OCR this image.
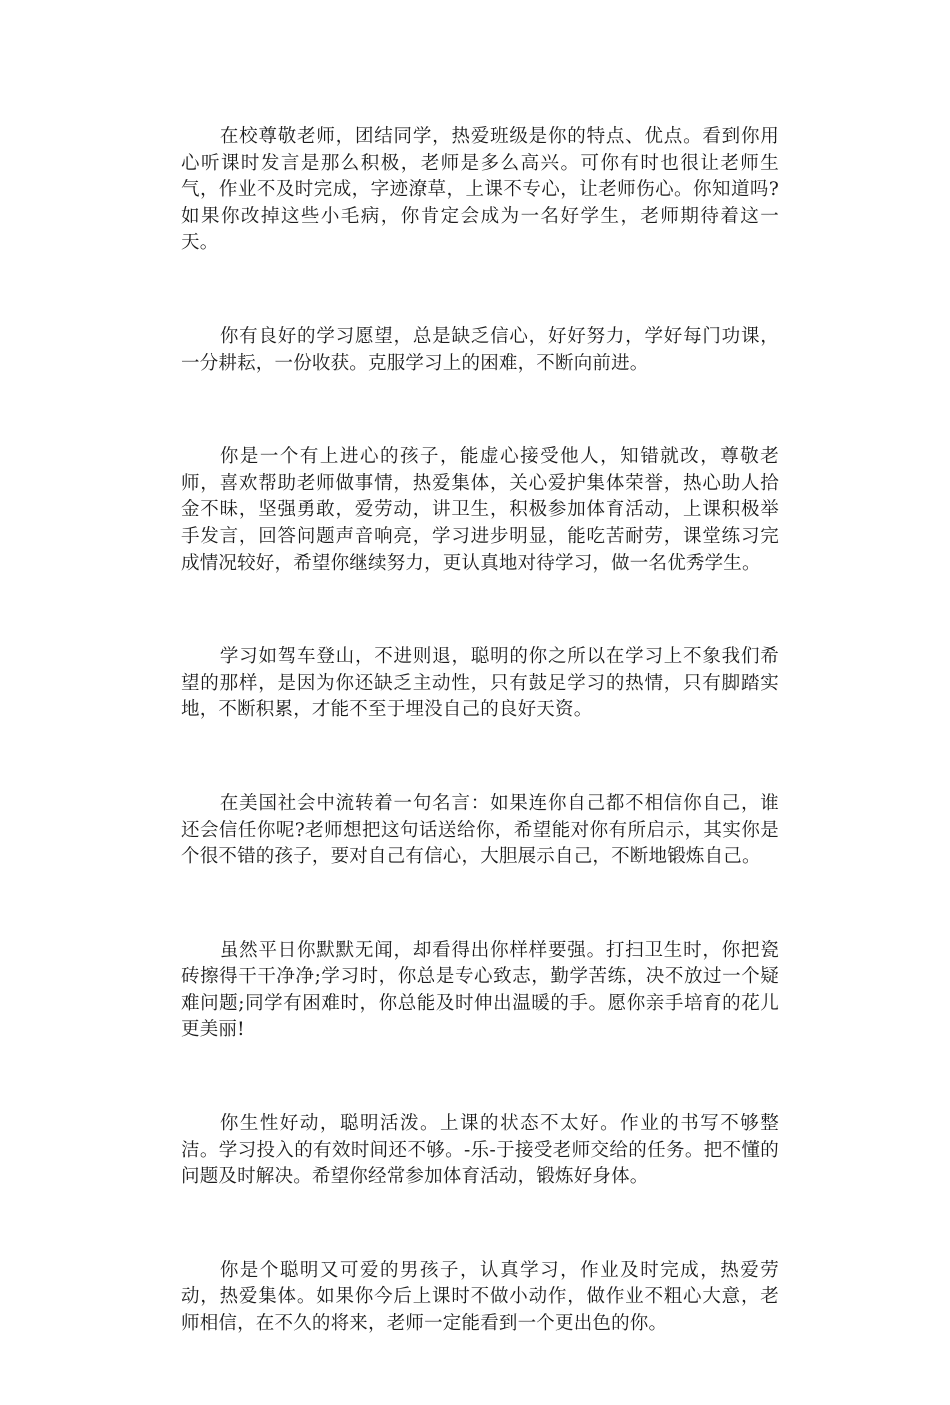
在校尊敬老师，团结同学，热爱班级是你的特点、优点。看到你用心听课时发言是那么积极，老师是多么高兴。可你有时也很让老师生气，作业不及时完成，字迹潦草，上课不专心，让老师伤心。你知道吗?如果你改掉这些小毛病，你肯定会成为一名好学生，老师期待着这一天。

你有良好的学习愿望，总是缺乏信心，好好努力，学好每门功课，一分耕耘，一份收获。克服学习上的困难，不断向前进。

你是一个有上进心的孩子，能虚心接受他人，知错就改，尊敬老师，喜欢帮助老师做事情，热爱集体，关心爱护集体荣誉，热心助人拾金不昧，坚强勇敢，爱劳动，讲卫生，积极参加体育活动，上课积极举手发言，回答问题声音响亮，学习进步明显，能吃苦耐劳，课堂练习完成情况较好，希望你继续努力，更认真地对待学习，做一名优秀学生。

学习如驾车登山，不进则退，聪明的你之所以在学习上不象我们希望的那样，是因为你还缺乏主动性，只有鼓足学习的热情，只有脚踏实地，不断积累，才能不至于埋没自己的良好天资。

在美国社会中流转着一句名言：如果连你自己都不相信你自己，谁还会信任你呢?老师想把这句话送给你，希望能对你有所启示，其实你是个很不错的孩子，要对自己有信心，大胆展示自己，不断地锻炼自己。

虽然平日你默默无闻，却看得出你样样要强。打扫卫生时，你把瓷砖擦得干干净净;学习时，你总是专心致志，勤学苦练，决不放过一个疑难问题;同学有困难时，你总能及时伸出温暖的手。愿你亲手培育的花儿更美丽!

你生性好动，聪明活泼。上课的状态不太好。作业的书写不够整洁。学习投入的有效时间还不够。-乐-于接受老师交给的任务。把不懂的问题及时解决。希望你经常参加体育活动，锻炼好身体。

你是个聪明又可爱的男孩子，认真学习，作业及时完成，热爱劳动，热爱集体。如果你今后上课时不做小动作，做作业不粗心大意，老师相信，在不久的将来，老师一定能看到一个更出色的你。
